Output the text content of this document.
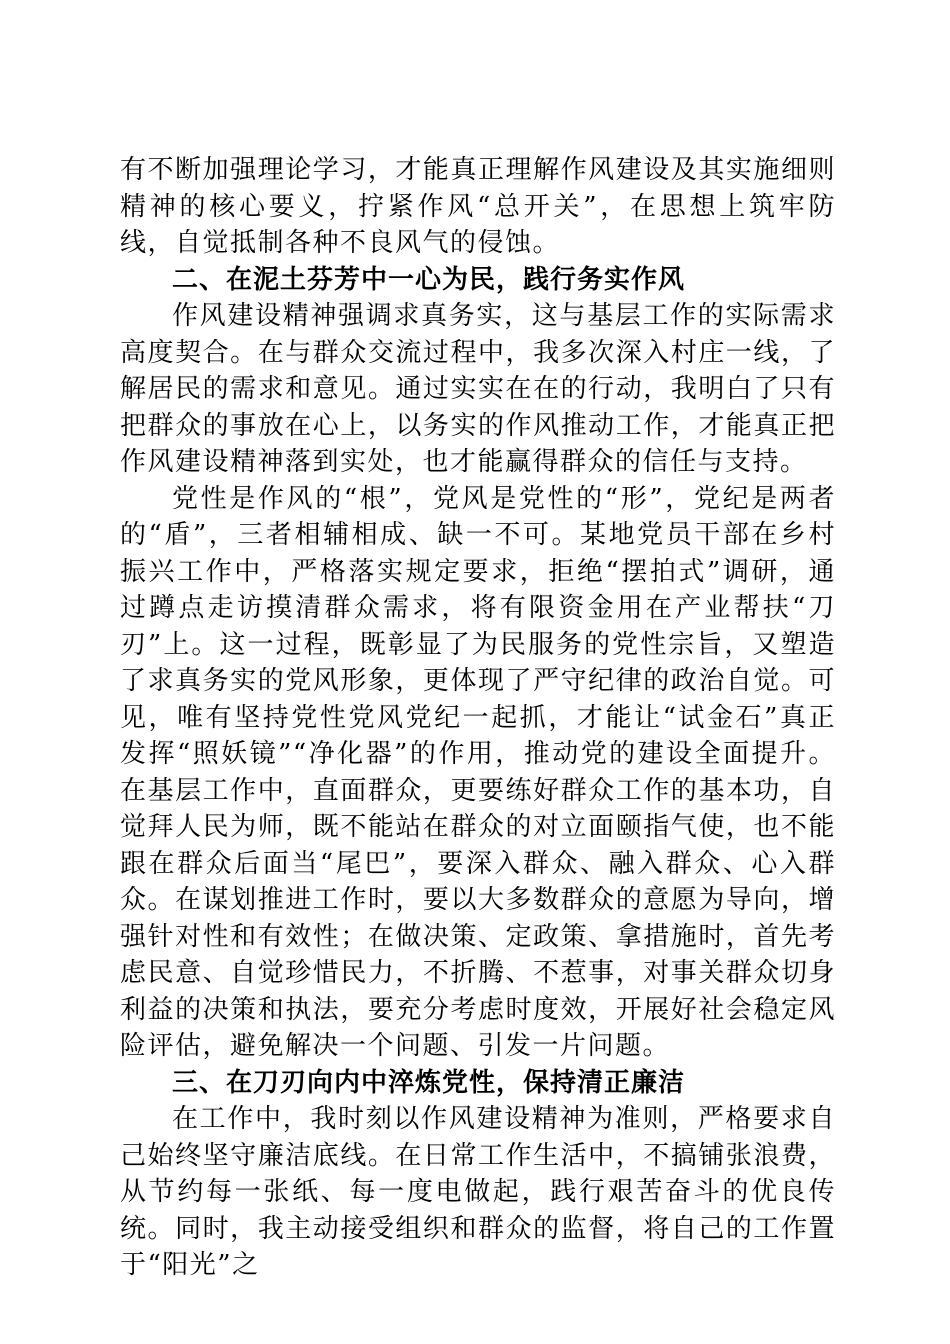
有不断加强理论学习，才能真正理解作风建设及其实施细则精神的核心要义，拧紧作风“总开关”，在思想上筑牢防线，自觉抵制各种不良风气的侵蚀。

二、在泥土芬芳中一心为民，践行务实作风

作风建设精神强调求真务实，这与基层工作的实际需求高度契合。在与群众交流过程中，我多次深入村庄一线，了解居民的需求和意见。通过实实在在的行动，我明白了只有把群众的事放在心上，以务实的作风推动工作，才能真正把作风建设精神落到实处，也才能赢得群众的信任与支持。

党性是作风的“根”，党风是党性的“形”，党纪是两者的“盾”，三者相辅相成、缺一不可。某地党员干部在乡村振兴工作中，严格落实规定要求，拒绝“摆拍式”调研，通过蹲点走访摸清群众需求，将有限资金用在产业帮扶“刀刃”上。这一过程，既彰显了为民服务的党性宗旨，又塑造了求真务实的党风形象，更体现了严守纪律的政治自觉。可见，唯有坚持党性党风党纪一起抓，才能让“试金石”真正发挥“照妖镜”“净化器”的作用，推动党的建设全面提升。在基层工作中，直面群众，更要练好群众工作的基本功，自觉拜人民为师，既不能站在群众的对立面颐指气使，也不能跟在群众后面当“尾巴”，要深入群众、融入群众、心入群众。在谋划推进工作时，要以大多数群众的意愿为导向，增强针对性和有效性；在做决策、定政策、拿措施时，首先考虑民意、自觉珍惜民力，不折腾、不惹事，对事关群众切身利益的决策和执法，要充分考虑时度效，开展好社会稳定风险评估，避免解决一个问题、引发一片问题。

三、在刀刃向内中淬炼党性，保持清正廉洁

在工作中，我时刻以作风建设精神为准则，严格要求自己始终坚守廉洁底线。在日常工作生活中，不搞铺张浪费，从节约每一张纸、每一度电做起，践行艰苦奋斗的优良传统。同时，我主动接受组织和群众的监督，将自己的工作置于“阳光”之
